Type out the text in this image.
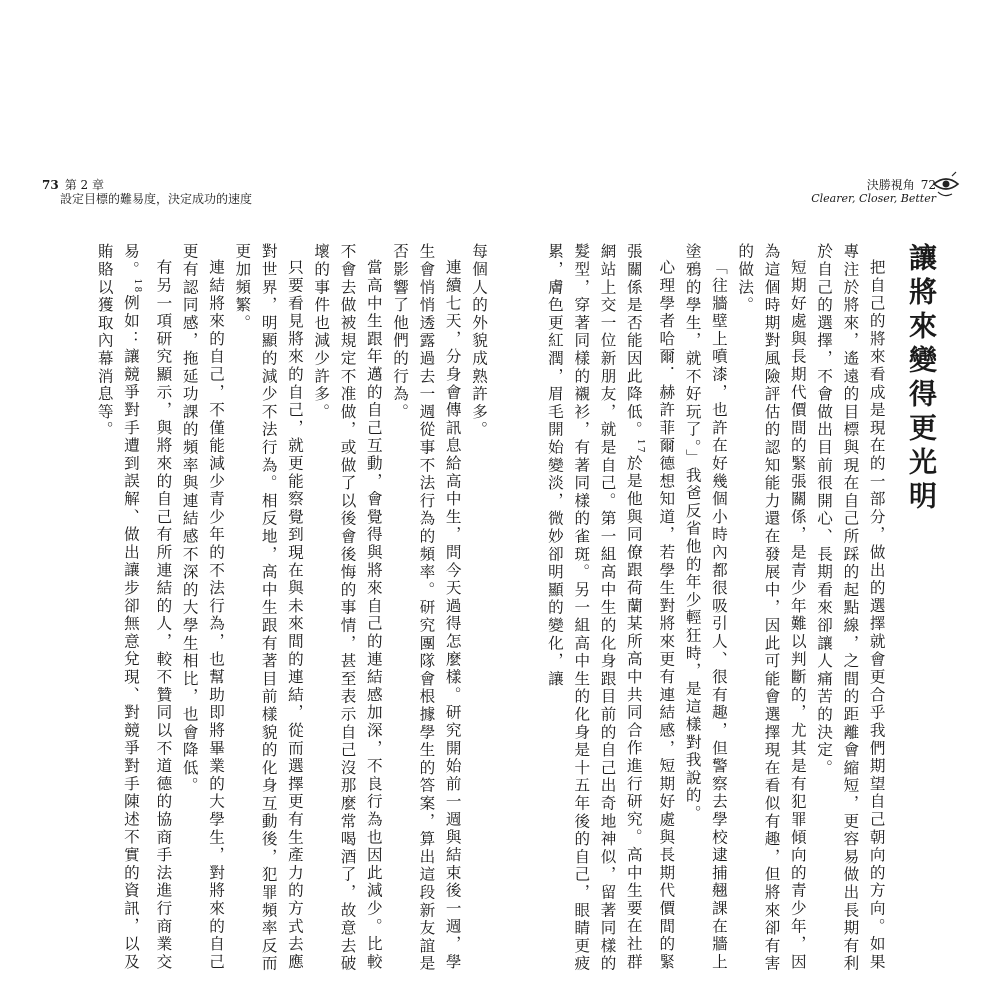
73 第 2 章
設定目標的難易度，決定成功的速度
決勝視角 72
Clearer, Closer, Better
讓將來變得更光明

把自己的將來看成是現在的一部分，做出的選擇就會更合乎我們期望自己朝向的方向。如果專注於將來，遙遠的目標與現在自己所踩的起點線，之間的距離會縮短，更容易做出長期有利於自己的選擇，不會做出目前很開心、長期看來卻讓人痛苦的決定。

短期好處與長期代價間的緊張關係，是青少年難以判斷的，尤其是有犯罪傾向的青少年，因為這個時期對風險評估的認知能力還在發展中，因此可能會選擇現在看似有趣，但將來卻有害的做法。

「往牆壁上噴漆，也許在好幾個小時內都很吸引人、很有趣，但警察去學校逮捕翹課在牆上塗鴉的學生，就不好玩了。」我爸反省他的年少輕狂時，是這樣對我說的。

心理學者哈爾．赫許菲爾德想知道，若學生對將來更有連結感，短期好處與長期代價間的緊張關係是否能因此降低。$^{17}$於是他與同僚跟荷蘭某所高中共同合作進行研究。高中生要在社群網站上交一位新朋友，就是自己。第一組高中生的化身跟目前的自己出奇地神似，留著同樣的髮型，穿著同樣的襯衫，有著同樣的雀斑。另一組高中生的化身是十五年後的自己，眼睛更疲累，膚色更紅潤，眉毛開始變淡，微妙卻明顯的變化，讓

每個人的外貌成熟許多。

連續七天，分身會傳訊息給高中生，問今天過得怎麼樣。研究開始前一週與結束後一週，學生會悄悄透露過去一週從事不法行為的頻率。研究團隊會根據學生的答案，算出這段新友誼是否影響了他們的行為。

當高中生跟年邁的自己互動，會覺得與將來自己的連結感加深，不良行為也因此減少。比較不會去做被規定不准做，或做了以後會後悔的事情，甚至表示自己沒那麼常喝酒了，故意去破壞的事件也減少許多。

只要看見將來的自己，就更能察覺到現在與未來間的連結，從而選擇更有生產力的方式去應對世界，明顯的減少不法行為。相反地，高中生跟有著目前樣貌的化身互動後，犯罪頻率反而更加頻繁。

連結將來的自己，不僅能減少青少年的不法行為，也幫助即將畢業的大學生，對將來的自己更有認同感，拖延功課的頻率與連結感不深的大學生相比，也會降低。

有另一項研究顯示，與將來的自己有所連結的人，較不贊同以不道德的協商手法進行商業交易。$^{18}$例如：讓競爭對手遭到誤解、做出讓步卻無意兌現、對競爭對手陳述不實的資訊，以及賄賂以獲取內幕消息等。
